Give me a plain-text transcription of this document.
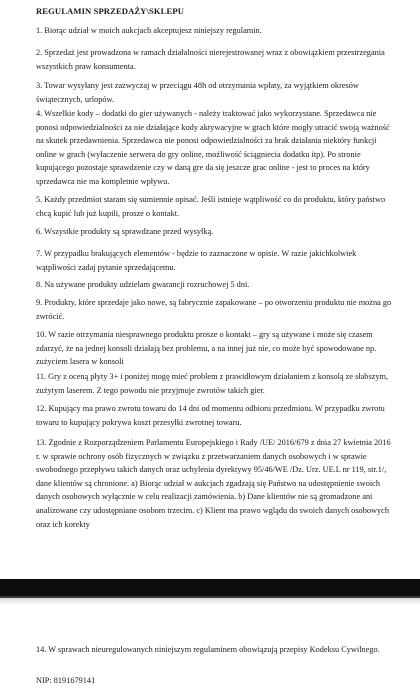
REGULAMIN SPRZEDAŻY\SKLEPU

1. Biorąc udział w moich aukcjach akceptujesz niniejszy regulamin.

2. Sprzedaż jest prowadzona w ramach działalności nierejestrowanej wraz z obowiązkiem przestrzegania wszystkich praw konsumenta.

3. Towar wysyłany jest zazwyczaj w przeciągu 48h od otrzymania wpłaty, za wyjątkiem okresów świątecznych, urlopów.

4. Wszelkie kody – dodatki do gier używanych - należy traktować jako wykorzystane. Sprzedawca nie ponosi odpowiedzialności za nie działające kody aktywacyjne w grach które mogły utracić swoją ważność na skutek przedawnienia. Sprzedawca nie ponosi odpowiedzialności za brak działania niektóry funkcji online w grach (wyłaczenie serwera do gry online, możliwość ściągniecia dodatku itp). Po stronie kupującego pozostaje sprawdzenie czy w daną gre da się jeszcze grac online - jest to proces na który sprzedawca nie ma kompletnie wpływu.

5. Każdy przedmiot staram się sumiennie opisać. Jeśli istnieje wątpliwość co do produktu, który państwo chcą kupić lub już kupili, prosze o kontakt.

6. Wszystkie produkty są sprawdzane przed wysyłką.

7. W przypadku brakujących elementów - będzie to zaznaczone w opisie. W razie jakichkolwiek wątpliwości zadaj pytanie sprzedającemu.

8. Na używane produkty udzielam gwarancji rozruchowej 5 dni.

9. Produkty, które sprzedaje jako nowe, są fabrycznie zapakowane – po otworzeniu produktu nie można go zwrócić.

10. W razie otrzymania niesprawnego produktu prosze o kontakt – gry są używane i może się czasem zdarzyć, że na jednej konsoli działają bez problemu, a na innej już nie, co może być spowodowane np. zużyciem lasera w konsoli

11. Gry z oceną płyty 3+ i poniżej mogę mieć problem z prawidłowym działaniem z konsolą ze słabszym, zużytym laserem. Z tego powodu nie przyjmuje zwrotów takich gier.

12. Kupujący ma prawo zwrotu towaru do 14 dni od momentu odbioru przedmiotu. W przypadku zwrotu towaru to kupujący pokrywa koszt przesyłki zwrotnej towaru.

13. Zgodnie z Rozporządzeniem Parlamentu Europejskiego i Rady /UE/ 2016/679 z dnia 27 kwietnia 2016 r. w sprawie ochrony osób fizycznych w związku z przetwarzaniem danych osobowych i w sprawie swobodnego przepływu takich danych oraz uchylenia dyrektywy 95/46/WE /Dz. Urz. UE.L nr 119, str.1/, dane klientów są chronione. a) Biorąc udział w aukcjach zgadzają się Państwo na udostępnienie swoich danych osobowych wyłącznie w celu realizacji zamówienia. b) Dane klientów nie są gromadzone ani analizowane czy udostępniane osobom trzecim. c) Klient ma prawo wglądu do swoich danych osobowych oraz ich korekty

14. W sprawach nieuregulowanych niniejszym regulaminem obowiązują przepisy Kodeksu Cywilnego.

NIP: 8191679141
